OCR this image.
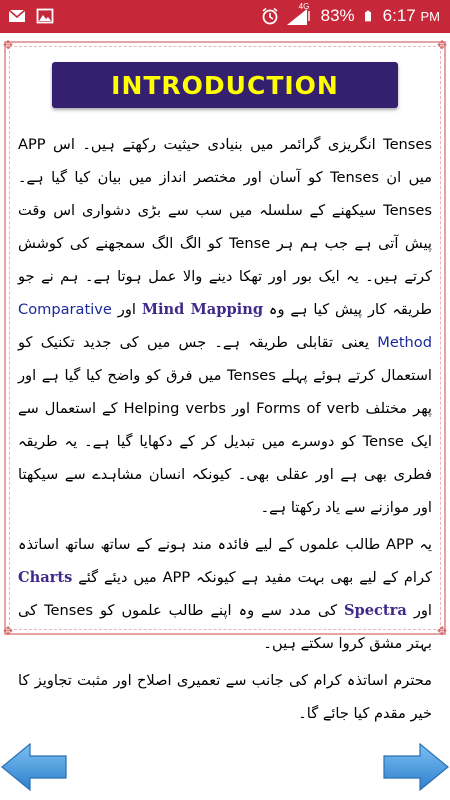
4G 83% 6:17 PM
✥	✥
✥	✥
INTRODUCTION

Tenses انگریزی گرائمر میں بنیادی حیثیت رکھتے ہیں۔ اس APP میں ان Tenses کو آسان اور مختصر انداز میں بیان کیا گیا ہے۔ Tenses سیکھنے کے سلسلہ میں سب سے بڑی دشواری اس وقت پیش آتی ہے جب ہم ہر Tense کو الگ الگ سمجھنے کی کوشش کرتے ہیں۔ یہ ایک بور اور تھکا دینے والا عمل ہوتا ہے۔ ہم نے جو طریقہ کار پیش کیا ہے وہ Mind Mapping اور Comparative Method یعنی تقابلی طریقہ ہے۔ جس میں کی جدید تکنیک کو استعمال کرتے ہوئے پہلے Tenses میں فرق کو واضح کیا گیا ہے اور پھر مختلف Forms of verb اور Helping verbs کے استعمال سے ایک Tense کو دوسرے میں تبدیل کر کے دکھایا گیا ہے۔ یہ طریقہ فطری بھی ہے اور عقلی بھی۔ کیونکہ انسان مشاہدے سے سیکھتا اور موازنے سے یاد رکھتا ہے۔

یہ APP طالب علموں کے لیے فائدہ مند ہونے کے ساتھ ساتھ اساتذہ کرام کے لیے بھی بہت مفید ہے کیونکہ APP میں دیئے گئے Charts اور Spectra کی مدد سے وہ اپنے طالب علموں کو Tenses کی بہتر مشق کروا سکتے ہیں۔

محترم اساتذہ کرام کی جانب سے تعمیری اصلاح اور مثبت تجاویز کا خیر مقدم کیا جائے گا۔
